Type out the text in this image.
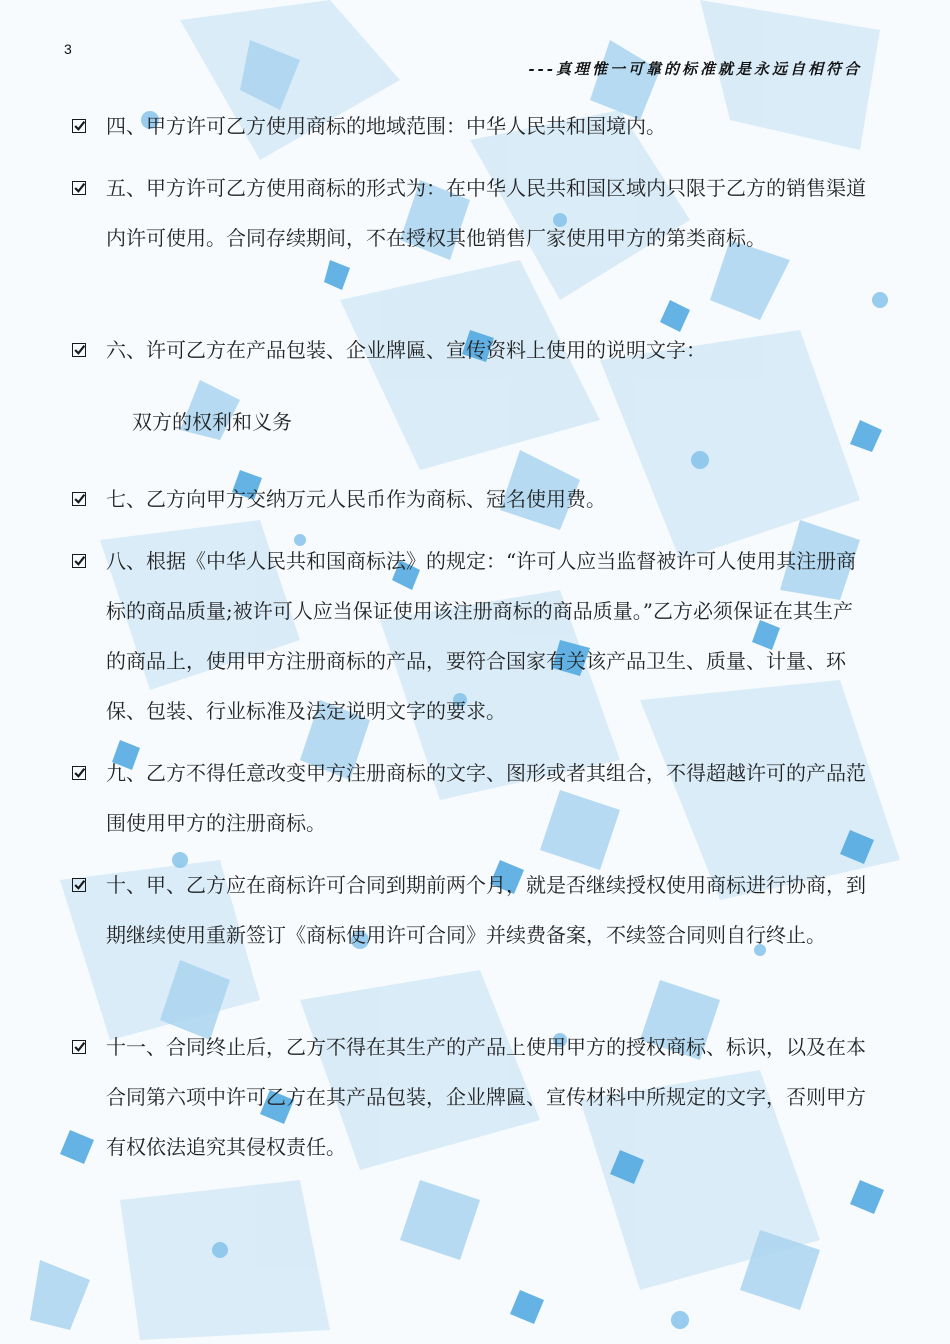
3
---真理惟一可靠的标准就是永远自相符合
四、甲方许可乙方使用商标的地域范围：中华人民共和国境内。
五、甲方许可乙方使用商标的形式为：在中华人民共和国区域内只限于乙方的销售渠道内许可使用。合同存续期间，不在授权其他销售厂家使用甲方的第类商标。
六、许可乙方在产品包装、企业牌匾、宣传资料上使用的说明文字：
双方的权利和义务
七、乙方向甲方交纳万元人民币作为商标、冠名使用费。
八、根据《中华人民共和国商标法》的规定：“许可人应当监督被许可人使用其注册商标的商品质量;被许可人应当保证使用该注册商标的商品质量。”乙方必须保证在其生产的商品上，使用甲方注册商标的产品，要符合国家有关该产品卫生、质量、计量、环保、包装、行业标准及法定说明文字的要求。
九、乙方不得任意改变甲方注册商标的文字、图形或者其组合，不得超越许可的产品范围使用甲方的注册商标。
十、甲、乙方应在商标许可合同到期前两个月，就是否继续授权使用商标进行协商，到期继续使用重新签订《商标使用许可合同》并续费备案，不续签合同则自行终止。
十一、合同终止后，乙方不得在其生产的产品上使用甲方的授权商标、标识，以及在本合同第六项中许可乙方在其产品包装，企业牌匾、宣传材料中所规定的文字，否则甲方有权依法追究其侵权责任。
